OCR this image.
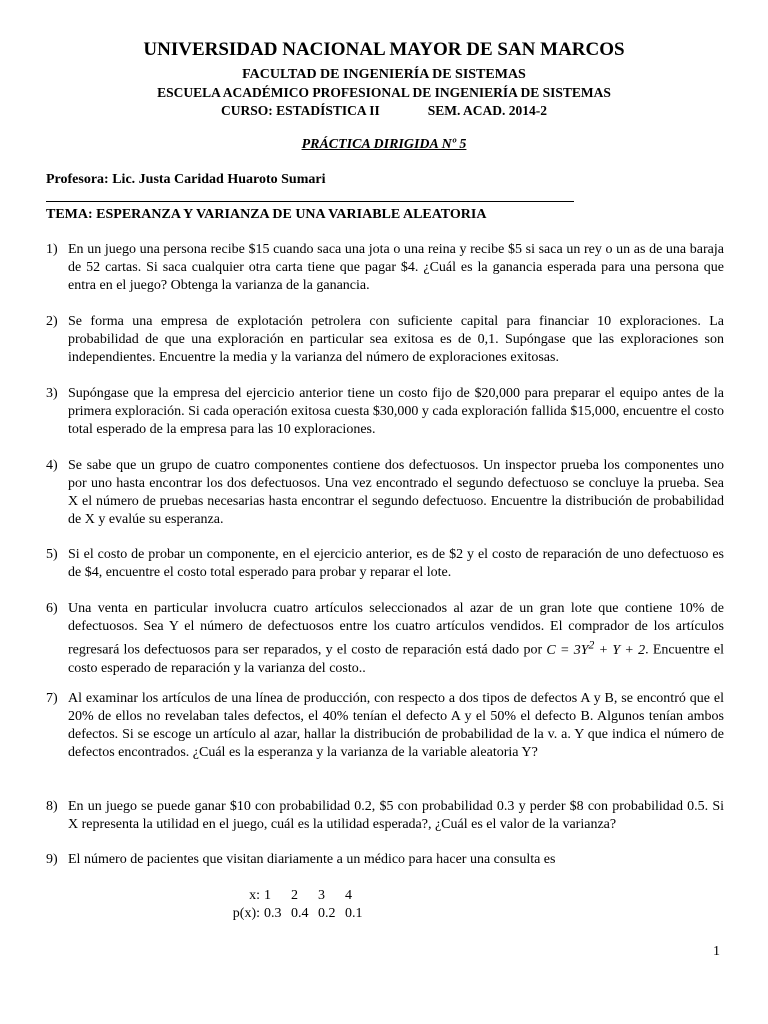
UNIVERSIDAD NACIONAL MAYOR DE SAN MARCOS
FACULTAD DE INGENIERÍA DE SISTEMAS
ESCUELA ACADÉMICO PROFESIONAL DE INGENIERÍA DE SISTEMAS
CURSO: ESTADÍSTICA II	SEM. ACAD. 2014-2
PRÁCTICA DIRIGIDA Nº 5
Profesora: Lic. Justa Caridad Huaroto Sumari
TEMA: ESPERANZA Y VARIANZA DE UNA VARIABLE ALEATORIA
1) En un juego una persona recibe $15 cuando saca una jota o una reina y recibe $5 si saca un rey o un as de una baraja de 52 cartas. Si saca cualquier otra carta tiene que pagar $4. ¿Cuál es la ganancia esperada para una persona que entra en el juego? Obtenga la varianza de la ganancia.
2) Se forma una empresa de explotación petrolera con suficiente capital para financiar 10 exploraciones. La probabilidad de que una exploración en particular sea exitosa es de 0,1. Supóngase que las exploraciones son independientes. Encuentre la media y la varianza del número de exploraciones exitosas.
3) Supóngase que la empresa del ejercicio anterior tiene un costo fijo de $20,000 para preparar el equipo antes de la primera exploración. Si cada operación exitosa cuesta $30,000 y cada exploración fallida $15,000, encuentre el costo total esperado de la empresa para las 10 exploraciones.
4) Se sabe que un grupo de cuatro componentes contiene dos defectuosos. Un inspector prueba los componentes uno por uno hasta encontrar los dos defectuosos. Una vez encontrado el segundo defectuoso se concluye la prueba. Sea X el número de pruebas necesarias hasta encontrar el segundo defectuoso. Encuentre la distribución de probabilidad de X y evalúe su esperanza.
5) Si el costo de probar un componente, en el ejercicio anterior, es de $2 y el costo de reparación de uno defectuoso es de $4, encuentre el costo total esperado para probar y reparar el lote.
6) Una venta en particular involucra cuatro artículos seleccionados al azar de un gran lote que contiene 10% de defectuosos. Sea Y el número de defectuosos entre los cuatro artículos vendidos. El comprador de los artículos regresará los defectuosos para ser reparados, y el costo de reparación está dado por $C = 3Y^2 + Y + 2$. Encuentre el costo esperado de reparación y la varianza del costo..
7) Al examinar los artículos de una línea de producción, con respecto a dos tipos de defectos A y B, se encontró que el 20% de ellos no revelaban tales defectos, el 40% tenían el defecto A y el 50% el defecto B. Algunos tenían ambos defectos. Si se escoge un artículo al azar, hallar la distribución de probabilidad de la v. a. Y que indica el número de defectos encontrados. ¿Cuál es la esperanza y la varianza de la variable aleatoria Y?
8) En un juego se puede ganar $10 con probabilidad 0.2, $5 con probabilidad 0.3 y perder $8 con probabilidad 0.5. Si X representa la utilidad en el juego, cuál es la utilidad esperada?, ¿Cuál es el valor de la varianza?
9) El número de pacientes que visitan diariamente a un médico para hacer una consulta es
x: 1	2	3	4
p(x): 0.3 0.4 0.2 0.1
1
